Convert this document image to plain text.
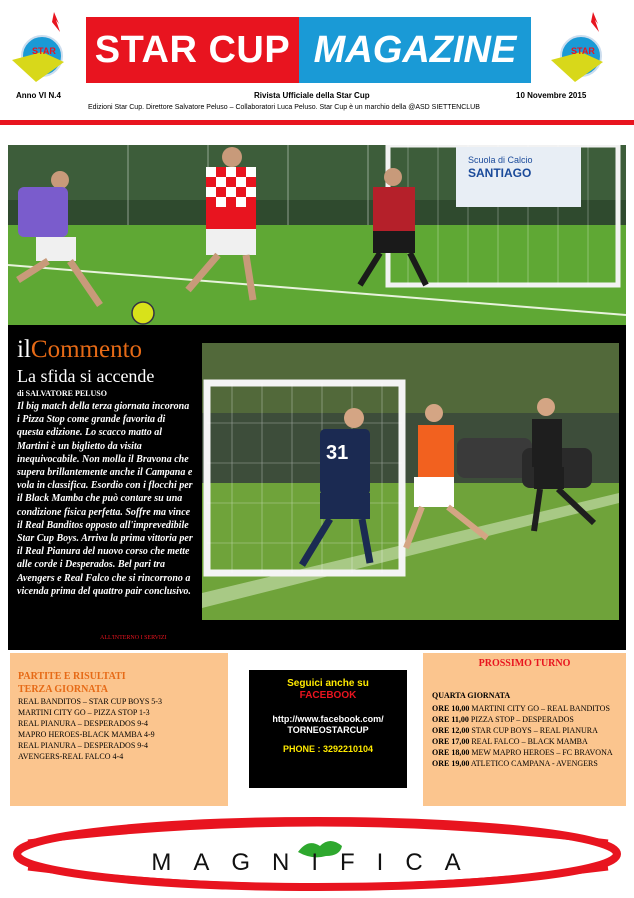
STAR	STAR
STAR CUP MAGAZINE
Anno VI N.4	Rivista Ufficiale della Star Cup	10 Novembre 2015
Edizioni Star Cup. Direttore Salvatore Peluso – Collaboratori Luca Peluso. Star Cup è un marchio della @ASD SIETTENCLUB
Scuola di Calcio
SANTIAGO
ilCommento
La sfida si accende
di SALVATORE PELUSO

Il big match della terza giornata incorona i Pizza Stop come grande favorita di questa edizione. Lo scacco matto al Martini è un biglietto da visita inequivocabile. Non molla il Bravona che supera brillantemente anche il Campana e vola in classifica. Esordio con i flocchi per il Black Mamba che può contare su una condizione fisica perfetta. Soffre ma vince il Real Banditos opposto all'imprevedibile Star Cup Boys. Arriva la prima vittoria per il Real Pianura del nuovo corso che mette alle corde i Desperados. Bel pari tra Avengers e Real Falco che si rincorrono a vicenda prima del quattro pair conclusivo.

ALL'INTERNO I SERVIZI
31
PARTITE E RISULTATI
TERZA GIORNATA
REAL BANDITOS – STAR CUP BOYS 5-3
MARTINI CITY GO – PIZZA STOP 1-3
REAL PIANURA – DESPERADOS 9-4
MAPRO HEROES-BLACK MAMBA 4-9
REAL PIANURA – DESPERADOS 9-4
AVENGERS-REAL FALCO 4-4
Seguici anche su
FACEBOOK
http://www.facebook.com/
TORNEOSTARCUP
PHONE : 3292210104
PROSSIMO TURNO
QUARTA GIORNATA
ORE 10,00 MARTINI CITY GO – REAL BANDITOS
ORE 11,00 PIZZA STOP – DESPERADOS
ORE 12,00 STAR CUP BOYS – REAL PIANURA
ORE 17,00 REAL FALCO – BLACK MAMBA
ORE 18,00 MEW MAPRO HEROES – FC BRAVONA
ORE 19,00 ATLETICO CAMPANA - AVENGERS
MAGNIFICA
